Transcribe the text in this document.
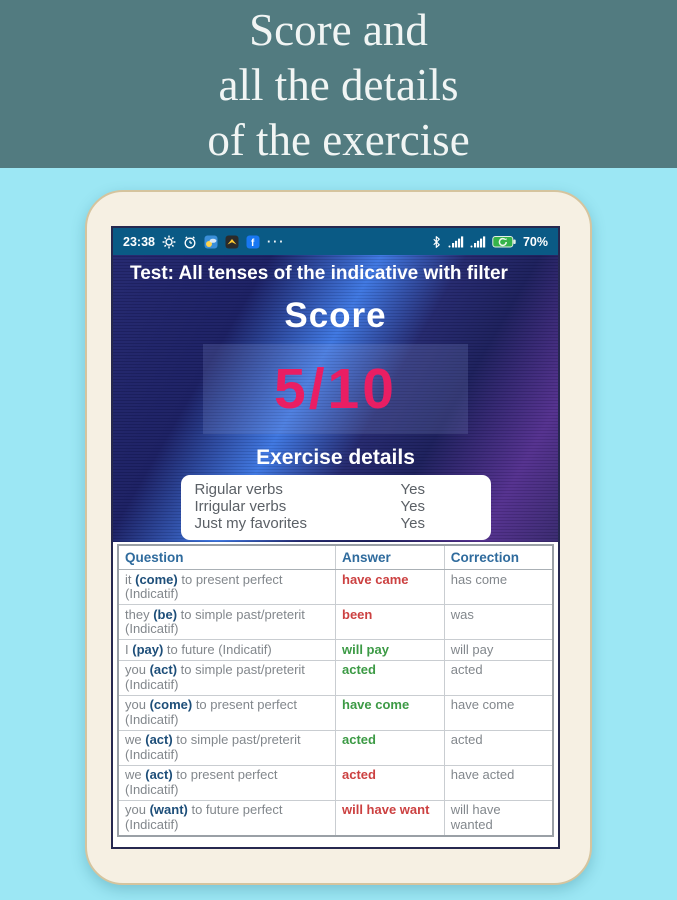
Score and
all the details
of the exercise
23:38	f ···	70%
Test: All tenses of the indicative with filter
Score
5/10
Exercise details
Rigular verbs	Yes
Irrigular verbs	Yes
Just my favorites	Yes
Question	Answer	Correction
it (come) to present perfect (Indicatif)	have came	has come
they (be) to simple past/preterit (Indicatif)	been	was
I (pay) to future (Indicatif)	will pay	will pay
you (act) to simple past/preterit (Indicatif)	acted	acted
you (come) to present perfect (Indicatif)	have come	have come
we (act) to simple past/preterit (Indicatif)	acted	acted
we (act) to present perfect (Indicatif)	acted	have acted
you (want) to future perfect (Indicatif)	will have want	will have wanted
